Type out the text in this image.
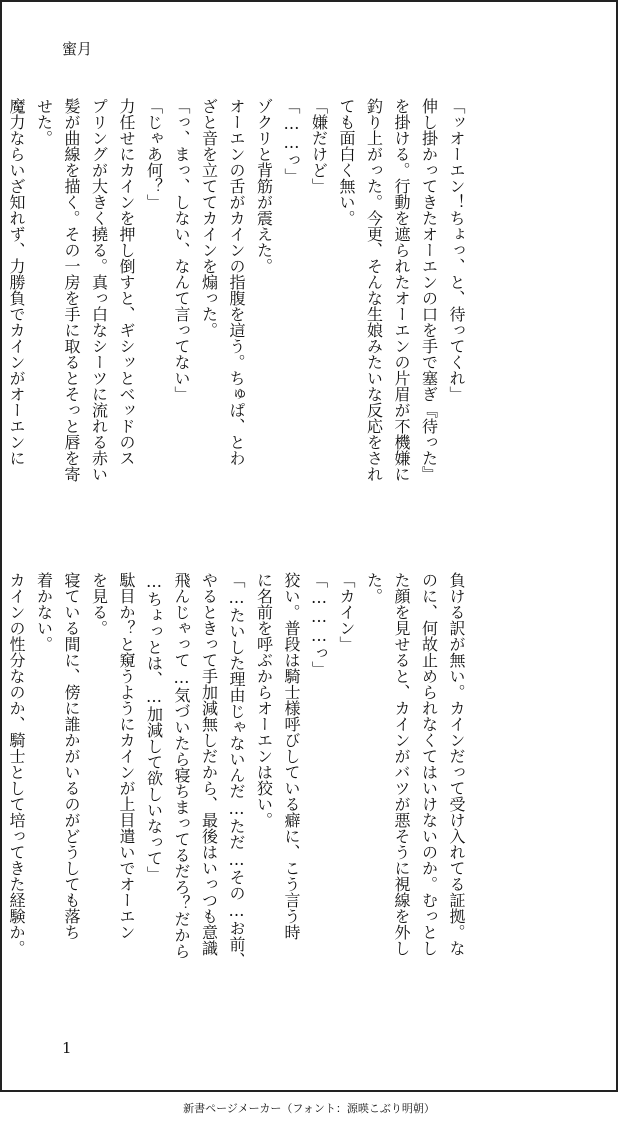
蜜月
「ッオーエン！ちょっ、と、待ってくれ」
伸し掛かってきたオーエンの口を手で塞ぎ『待った』
を掛ける。行動を遮られたオーエンの片眉が不機嫌に
釣り上がった。今更、そんな生娘みたいな反応をされ
ても面白く無い。
「嫌だけど」
「……っ」
ゾクリと背筋が震えた。
オーエンの舌がカインの指腹を這う。ちゅぱ、とわ
ざと音を立ててカインを煽った。
「っ、まっ、しない、なんて言ってない」
「じゃあ何？」
力任せにカインを押し倒すと、ギシッとベッドのス
プリングが大きく撓る。真っ白なシーツに流れる赤い
髪が曲線を描く。その一房を手に取るとそっと唇を寄
せた。
魔力ならいざ知れず、力勝負でカインがオーエンに
負ける訳が無い。カインだって受け入れてる証拠。な
のに、何故止められなくてはいけないのか。むっとし
た顔を見せると、カインがバツが悪そうに視線を外し
た。
「カイン」
「………っ」
狡い。普段は騎士様呼びしている癖に、こう言う時
に名前を呼ぶからオーエンは狡い。
「…たいした理由じゃないんだ…ただ…その…お前、
やるときって手加減無しだから、最後はいっつも意識
飛んじゃって…気づいたら寝ちまってるだろ？だから
…ちょっとは、…加減して欲しいなって」
駄目か？と窺うようにカインが上目遣いでオーエン
を見る。
寝ている間に、傍に誰かがいるのがどうしても落ち
着かない。
カインの性分なのか、騎士として培ってきた経験か。
1
新書ページメーカー（フォント：源暎こぶり明朝）
